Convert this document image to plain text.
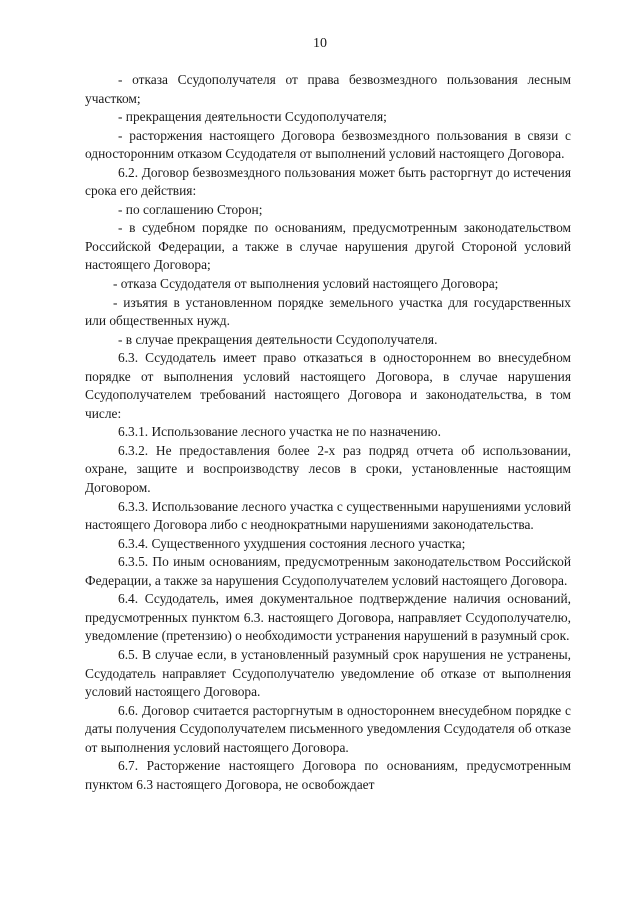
10

- отказа Ссудополучателя от права безвозмездного пользования лесным участком;

- прекращения деятельности Ссудополучателя;

- расторжения настоящего Договора безвозмездного пользования в связи с односторонним отказом Ссудодателя от выполнений условий настоящего Договора.

6.2. Договор безвозмездного пользования может быть расторгнут до истечения срока его действия:

- по соглашению Сторон;

- в судебном порядке по основаниям, предусмотренным законодательством Российской Федерации, а также в случае нарушения другой Стороной условий настоящего Договора;

- отказа Ссудодателя от выполнения условий настоящего Договора;

- изъятия в установленном порядке земельного участка для государственных или общественных нужд.

- в случае прекращения деятельности Ссудополучателя.

6.3. Ссудодатель имеет право отказаться в одностороннем во внесудебном порядке от выполнения условий настоящего Договора, в случае нарушения Ссудополучателем требований настоящего Договора и законодательства, в том числе:

6.3.1. Использование лесного участка не по назначению.

6.3.2. Не предоставления более 2-х раз подряд отчета об использовании, охране, защите и воспроизводству лесов в сроки, установленные настоящим Договором.

6.3.3. Использование лесного участка с существенными нарушениями условий настоящего Договора либо с неоднократными нарушениями законодательства.

6.3.4. Существенного ухудшения состояния лесного участка;

6.3.5. По иным основаниям, предусмотренным законодательством Российской Федерации, а также за нарушения Ссудополучателем условий настоящего Договора.

6.4. Ссудодатель, имея документальное подтверждение наличия оснований, предусмотренных пунктом 6.3. настоящего Договора, направляет Ссудополучателю, уведомление (претензию) о необходимости устранения нарушений в разумный срок.

6.5. В случае если, в установленный разумный срок нарушения не устранены, Ссудодатель направляет Ссудополучателю уведомление об отказе от выполнения условий настоящего Договора.

6.6. Договор считается расторгнутым в одностороннем внесудебном порядке с даты получения Ссудополучателем письменного уведомления Ссудодателя об отказе от выполнения условий настоящего Договора.

6.7. Расторжение настоящего Договора по основаниям, предусмотренным пунктом 6.3 настоящего Договора, не освобождает
